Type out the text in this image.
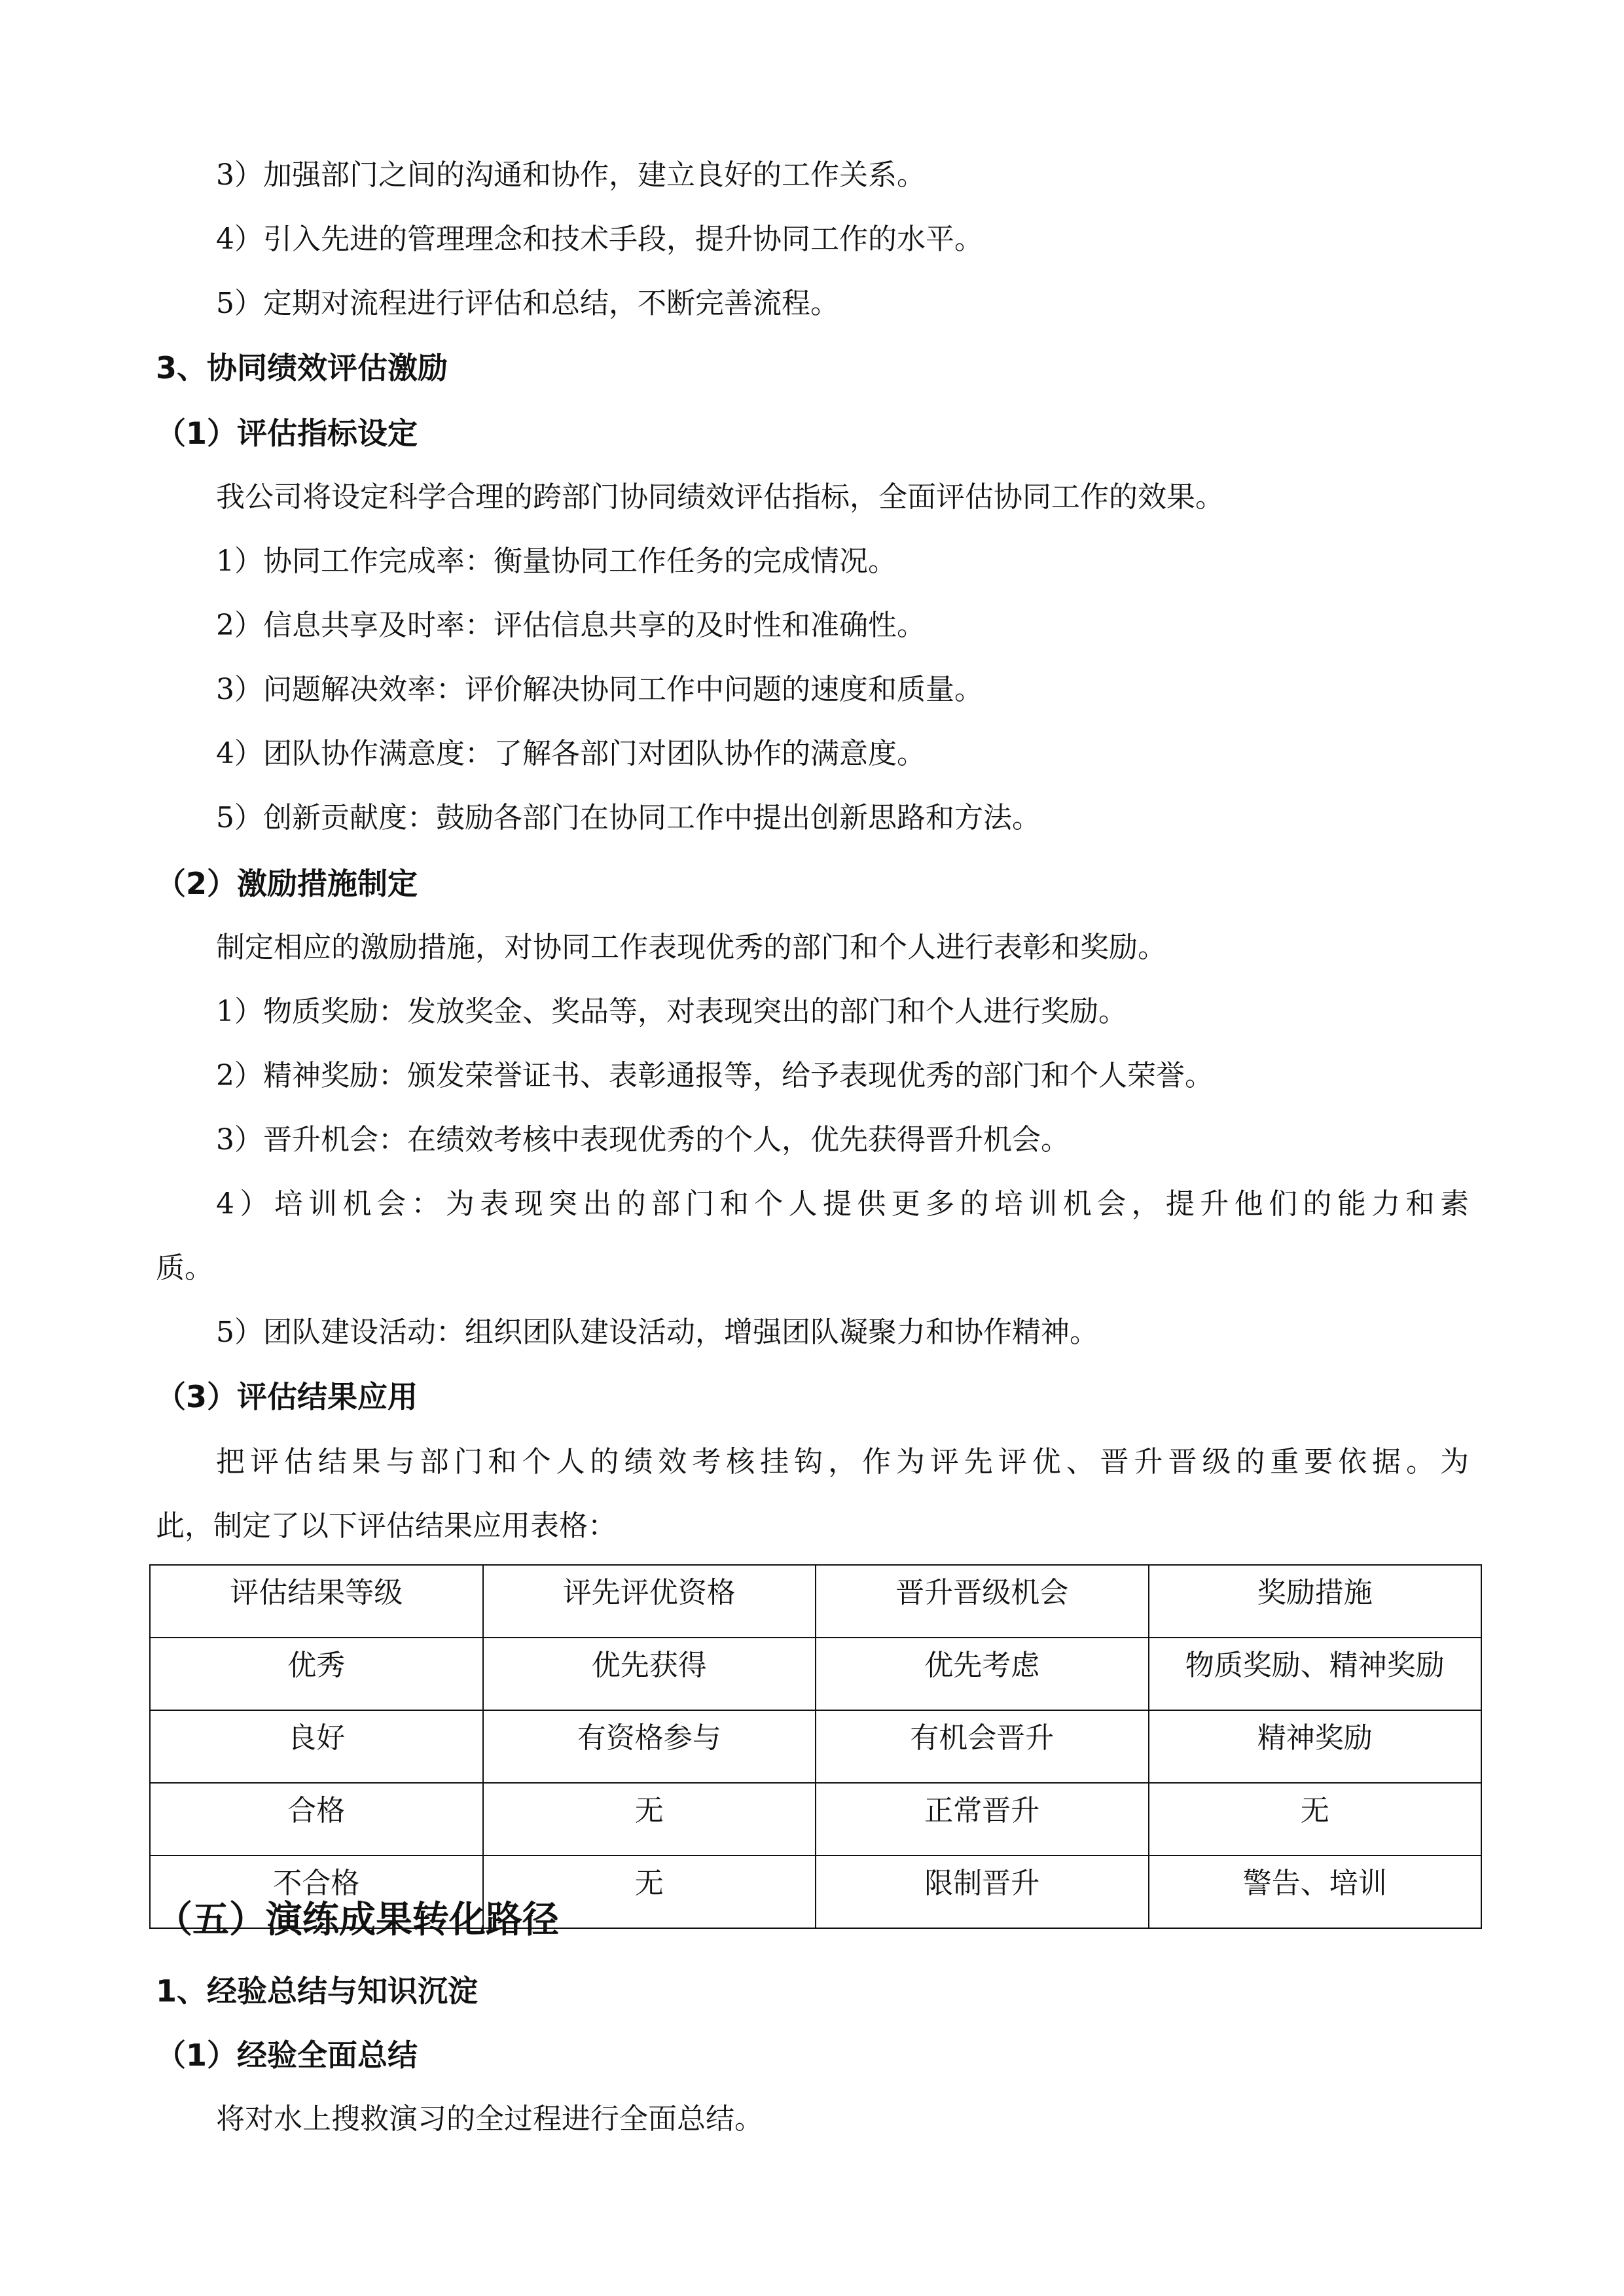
3）加强部门之间的沟通和协作，建立良好的工作关系。
4）引入先进的管理理念和技术手段，提升协同工作的水平。
5）定期对流程进行评估和总结，不断完善流程。
3、协同绩效评估激励
（1）评估指标设定
我公司将设定科学合理的跨部门协同绩效评估指标，全面评估协同工作的效果。
1）协同工作完成率：衡量协同工作任务的完成情况。
2）信息共享及时率：评估信息共享的及时性和准确性。
3）问题解决效率：评价解决协同工作中问题的速度和质量。
4）团队协作满意度：了解各部门对团队协作的满意度。
5）创新贡献度：鼓励各部门在协同工作中提出创新思路和方法。
（2）激励措施制定
制定相应的激励措施，对协同工作表现优秀的部门和个人进行表彰和奖励。
1）物质奖励：发放奖金、奖品等，对表现突出的部门和个人进行奖励。
2）精神奖励：颁发荣誉证书、表彰通报等，给予表现优秀的部门和个人荣誉。
3）晋升机会：在绩效考核中表现优秀的个人，优先获得晋升机会。
4）培训机会：为表现突出的部门和个人提供更多的培训机会，提升他们的能力和素
质。
5）团队建设活动：组织团队建设活动，增强团队凝聚力和协作精神。
（3）评估结果应用
把评估结果与部门和个人的绩效考核挂钩，作为评先评优、晋升晋级的重要依据。为
此，制定了以下评估结果应用表格：
评估结果等级	评先评优资格	晋升晋级机会	奖励措施
优秀	优先获得	优先考虑	物质奖励、精神奖励
良好	有资格参与	有机会晋升	精神奖励
合格	无	正常晋升	无
不合格	无	限制晋升	警告、培训
（五）演练成果转化路径
1、经验总结与知识沉淀
（1）经验全面总结
将对水上搜救演习的全过程进行全面总结。
